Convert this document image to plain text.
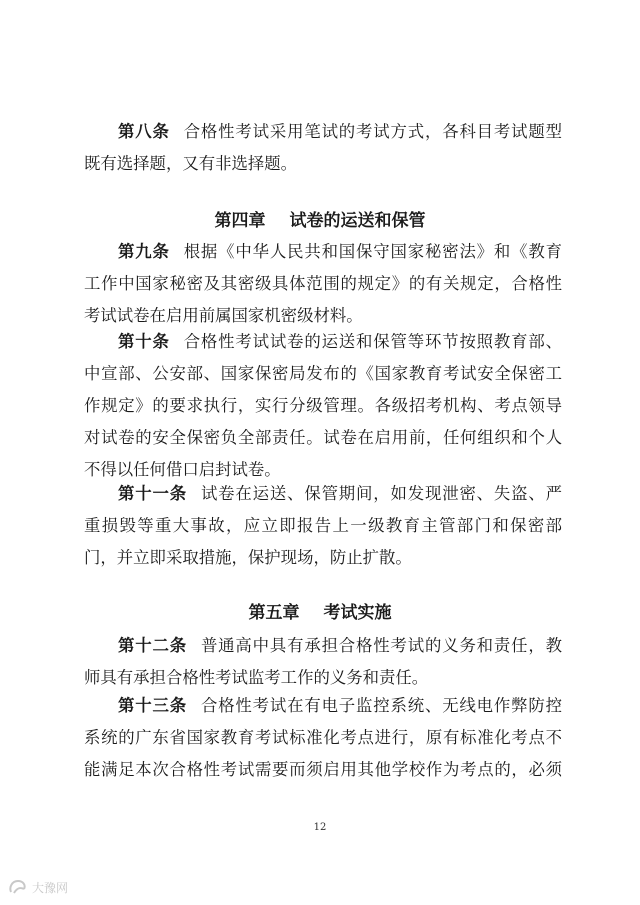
第八条 合格性考试采用笔试的考试方式，各科目考试题型
既有选择题，又有非选择题。
第四章 试卷的运送和保管
第九条 根据《中华人民共和国保守国家秘密法》和《教育
工作中国家秘密及其密级具体范围的规定》的有关规定，合格性
考试试卷在启用前属国家机密级材料。
第十条 合格性考试试卷的运送和保管等环节按照教育部、
中宣部、公安部、国家保密局发布的《国家教育考试安全保密工
作规定》的要求执行，实行分级管理。各级招考机构、考点领导
对试卷的安全保密负全部责任。试卷在启用前，任何组织和个人
不得以任何借口启封试卷。
第十一条 试卷在运送、保管期间，如发现泄密、失盗、严
重损毁等重大事故，应立即报告上一级教育主管部门和保密部
门，并立即采取措施，保护现场，防止扩散。
第五章 考试实施
第十二条 普通高中具有承担合格性考试的义务和责任，教
师具有承担合格性考试监考工作的义务和责任。
第十三条 合格性考试在有电子监控系统、无线电作弊防控
系统的广东省国家教育考试标准化考点进行，原有标准化考点不
能满足本次合格性考试需要而须启用其他学校作为考点的，必须
12
大豫网
